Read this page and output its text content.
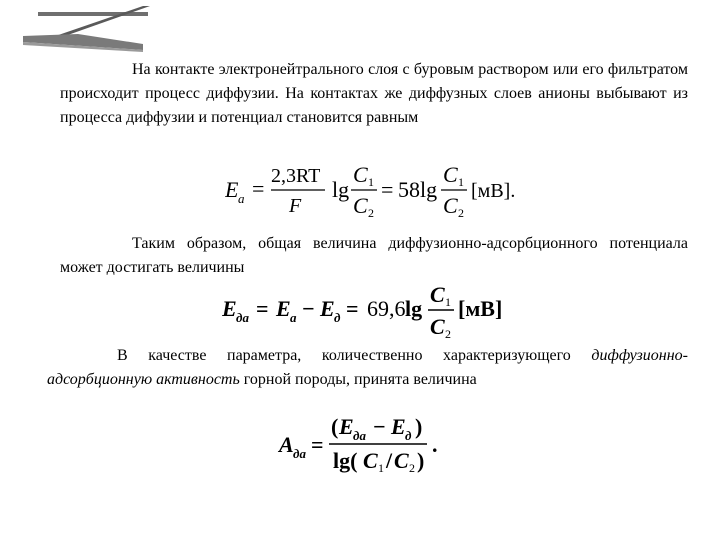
На контакте электронейтрального слоя с буровым раствором или его фильтратом происходит процесс диффузии. На контактах же диффузных слоев анионы выбывают из процесса диффузии и потенциал становится равным

E a = 2,3RT
F
lg
C 1
C 2
= 58lg
C 1
C 2
[мВ].

Таким образом, общая величина диффузионно-адсорбционного потенциала может достигать величины

E да = E a − E д = 69,6 lg
C 1
C 2
[мВ]

В качестве параметра, количественно характеризующего диффузионно-адсорбционную активность горной породы, принята величина

A да =
( E да − E д )
lg( C 1 / C 2 )
.
